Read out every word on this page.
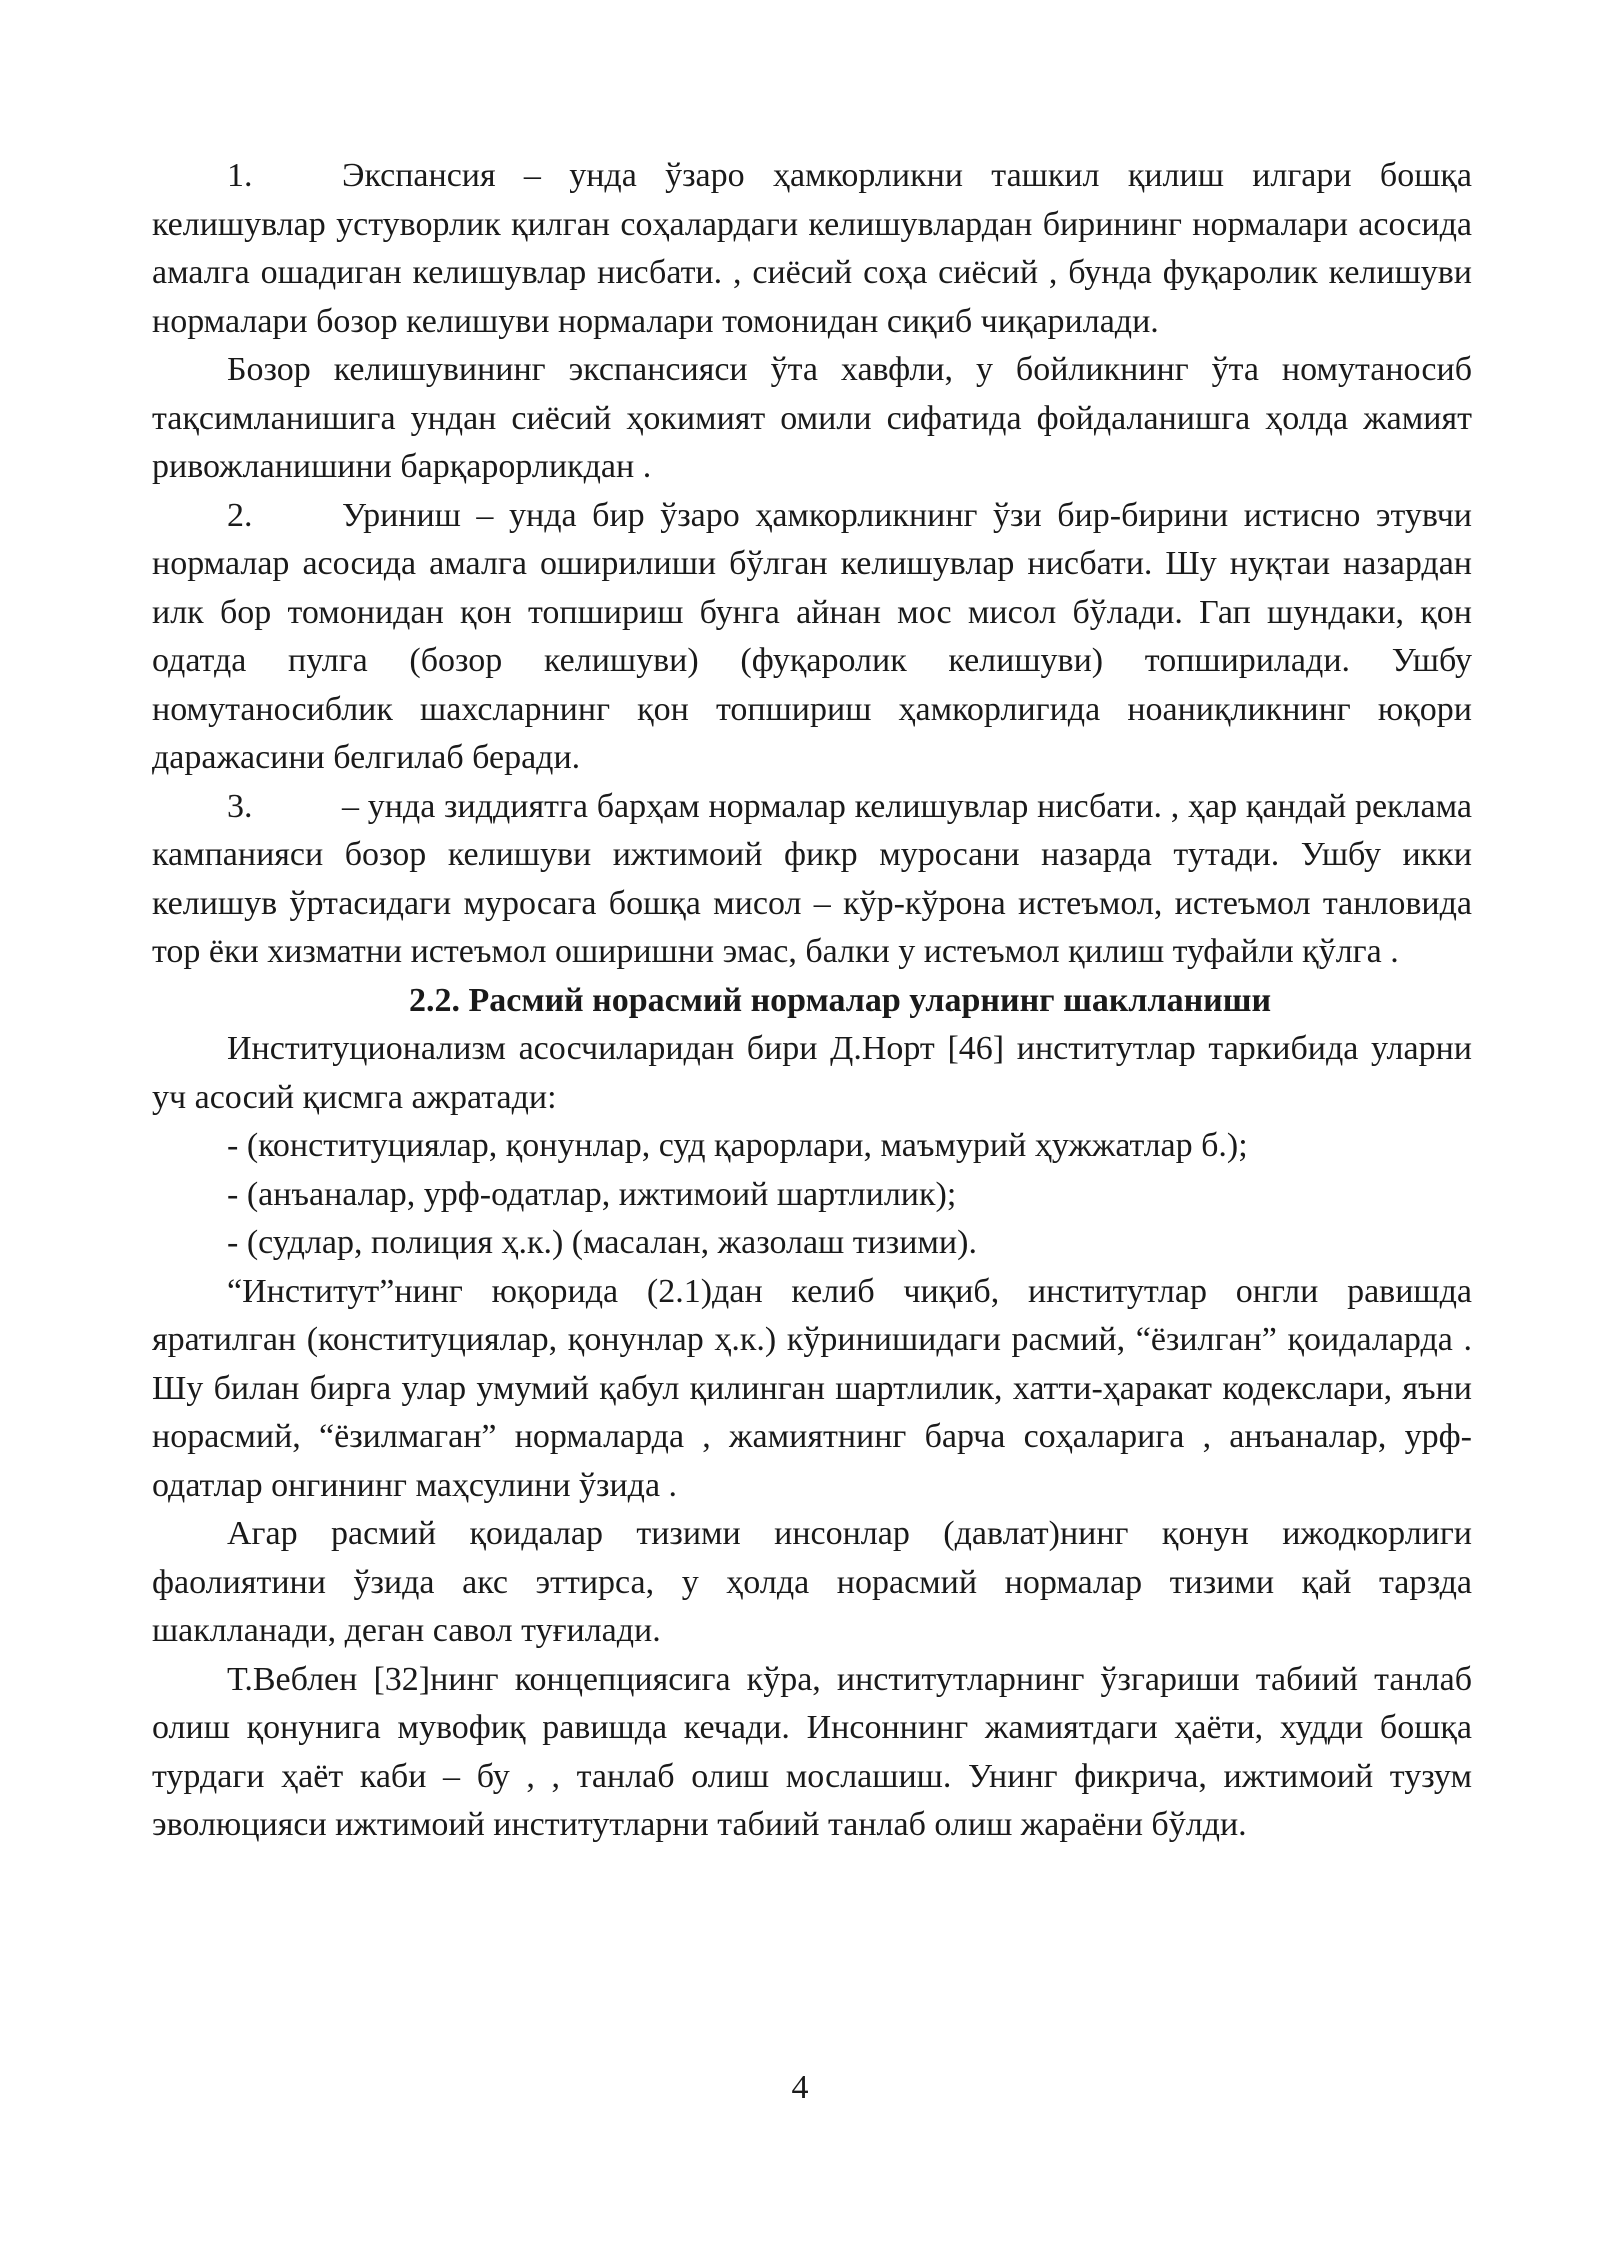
1.	Экспансия – унда ўзаро ҳамкорликни ташкил қилиш илгари бошқа келишувлар устуворлик қилган соҳалардаги келишувлардан бирининг нормалари асосида амалга ошадиган келишувлар нисбати. , сиёсий соҳа сиёсий , бунда фуқаролик келишуви нормалари бозор келишуви нормалари томонидан сиқиб чиқарилади.

Бозор келишувининг экспансияси ўта хавфли, у бойликнинг ўта номутаносиб тақсимланишига ундан сиёсий ҳокимият омили сифатида фойдаланишга ҳолда жамият ривожланишини барқарорликдан .

2.	Уриниш – унда бир ўзаро ҳамкорликнинг ўзи бир-бирини истисно этувчи нормалар асосида амалга оширилиши бўлган келишувлар нисбати. Шу нуқтаи назардан илк бор томонидан қон топшириш бунга айнан мос мисол бўлади. Гап шундаки, қон одатда пулга (бозор келишуви) (фуқаролик келишуви) топширилади. Ушбу номутаносиблик шахсларнинг қон топшириш ҳамкорлигида ноаниқликнинг юқори даражасини белгилаб беради.

3.	– унда зиддиятга барҳам нормалар келишувлар нисбати. , ҳар қандай реклама кампанияси бозор келишуви ижтимоий фикр муросани назарда тутади. Ушбу икки келишув ўртасидаги муросага бошқа мисол – кўр-кўрона истеъмол, истеъмол танловида тор ёки хизматни истеъмол оширишни эмас, балки у истеъмол қилиш туфайли қўлга .

2.2. Расмий норасмий нормалар уларнинг шаклланиши

Институционализм асосчиларидан бири Д.Норт [46] институтлар таркибида уларни уч асосий қисмга ажратади:

- (конституциялар, қонунлар, суд қарорлари, маъмурий ҳужжатлар б.);

- (анъаналар, урф-одатлар, ижтимоий шартлилик);

- (судлар, полиция ҳ.к.) (масалан, жазолаш тизими).

“Институт”нинг юқорида (2.1)дан келиб чиқиб, институтлар онгли равишда яратилган (конституциялар, қонунлар ҳ.к.) кўринишидаги расмий, “ёзилган” қоидаларда . Шу билан бирга улар умумий қабул қилинган шартлилик, хатти-ҳаракат кодекслари, яъни норасмий, “ёзилмаган” нормаларда , жамиятнинг барча соҳаларига , анъаналар, урф-одатлар онгининг маҳсулини ўзида .

Агар расмий қоидалар тизими инсонлар (давлат)нинг қонун ижодкорлиги фаолиятини ўзида акс эттирса, у ҳолда норасмий нормалар тизими қай тарзда шаклланади, деган савол туғилади.

Т.Веблен [32]нинг концепциясига кўра, институтларнинг ўзгариши табиий танлаб олиш қонунига мувофиқ равишда кечади. Инсоннинг жамиятдаги ҳаёти, худди бошқа турдаги ҳаёт каби – бу , , танлаб олиш мослашиш. Унинг фикрича, ижтимоий тузум эволюцияси ижтимоий институтларни табиий танлаб олиш жараёни бўлди.

4
